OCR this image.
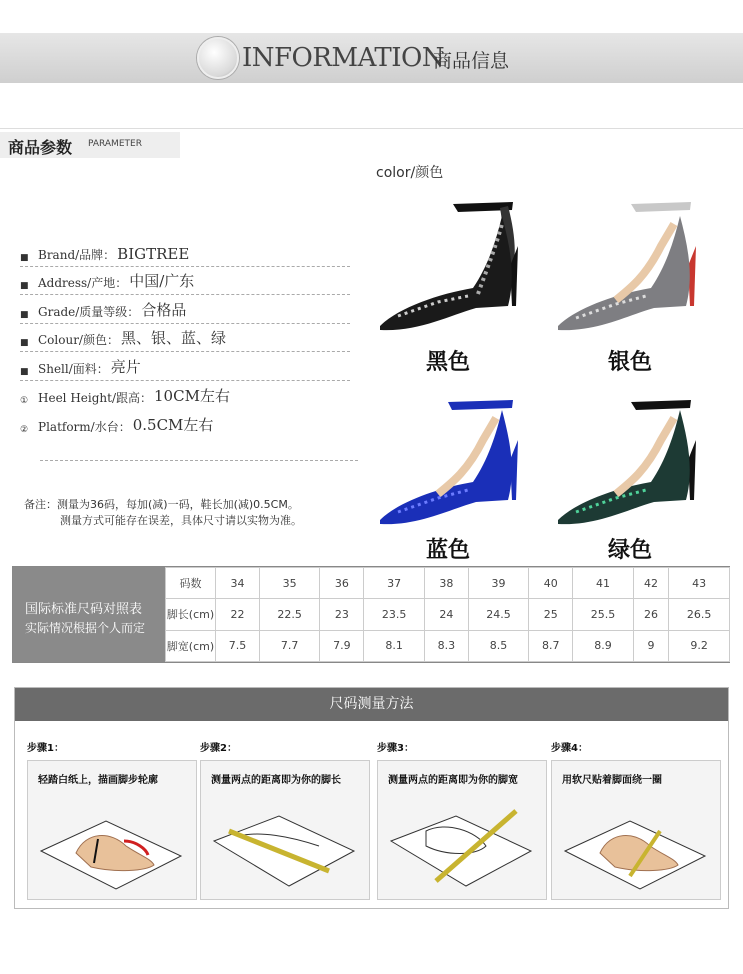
INFORMATION
商品信息
商品参数 PARAMETER
color/颜色
■ Brand/品牌： BIGTREE
■ Address/产地： 中国/广东
■ Grade/质量等级： 合格品
■ Colour/颜色： 黑、银、蓝、绿
■ Shell/面料： 亮片
① Heel Height/跟高： 10CM左右
② Platform/水台： 0.5CM左右
备注：测量为36码，每加(减)一码，鞋长加(减)0.5CM。
测量方式可能存在误差，具体尺寸请以实物为准。
黑色	银色
蓝色	绿色
国际标准尺码对照表
实际情况根据个人而定
码数	34	35	36	37	38	39	40	41	42	43
脚长(cm)	22	22.5	23	23.5	24	24.5	25	25.5	26	26.5
脚宽(cm)	7.5	7.7	7.9	8.1	8.3	8.5	8.7	8.9	9	9.2
尺码测量方法
步骤1：
轻踏白纸上，描画脚步轮廓
步骤2：
测量两点的距离即为你的脚长
步骤3：
测量两点的距离即为你的脚宽
步骤4：
用软尺贴着脚面绕一圈
